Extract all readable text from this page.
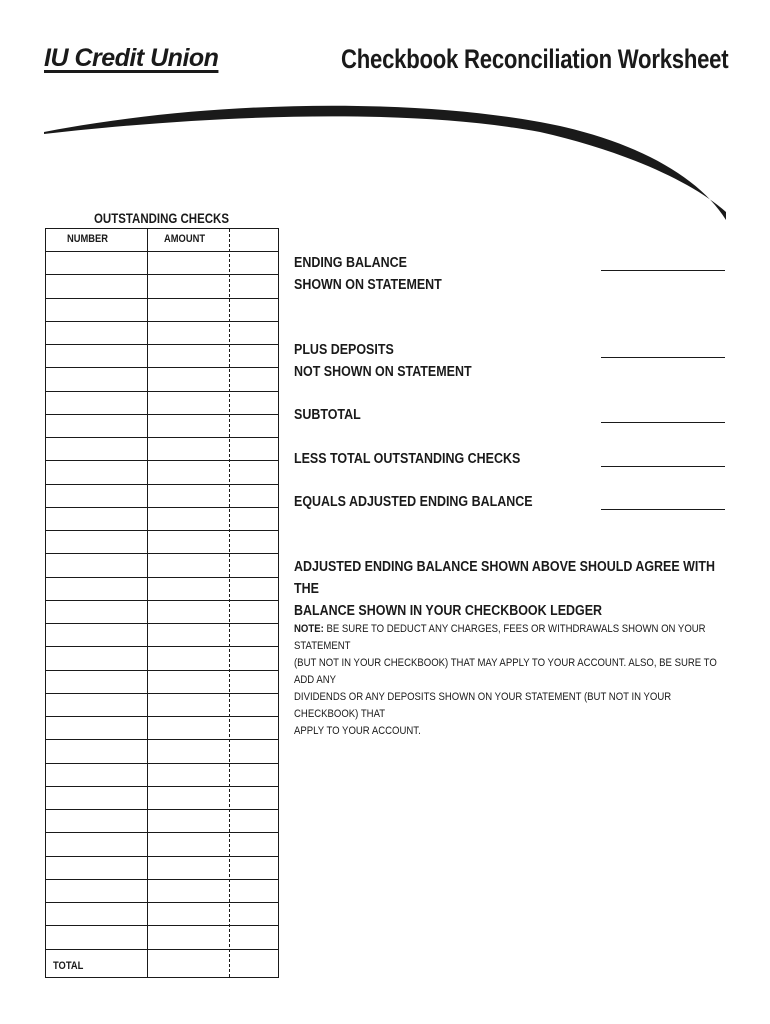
IU Credit Union	Checkbook Reconciliation Worksheet
OUTSTANDING CHECKS
NUMBER	AMOUNT
TOTAL
ENDING BALANCE
SHOWN ON STATEMENT
PLUS DEPOSITS
NOT SHOWN ON STATEMENT
SUBTOTAL
LESS TOTAL OUTSTANDING CHECKS
EQUALS ADJUSTED ENDING BALANCE
ADJUSTED ENDING BALANCE SHOWN ABOVE SHOULD AGREE WITH THE
BALANCE SHOWN IN YOUR CHECKBOOK LEDGER
NOTE: BE SURE TO DEDUCT ANY CHARGES, FEES OR WITHDRAWALS SHOWN ON YOUR STATEMENT
(BUT NOT IN YOUR CHECKBOOK) THAT MAY APPLY TO YOUR ACCOUNT. ALSO, BE SURE TO ADD ANY
DIVIDENDS OR ANY DEPOSITS SHOWN ON YOUR STATEMENT (BUT NOT IN YOUR CHECKBOOK) THAT
APPLY TO YOUR ACCOUNT.
